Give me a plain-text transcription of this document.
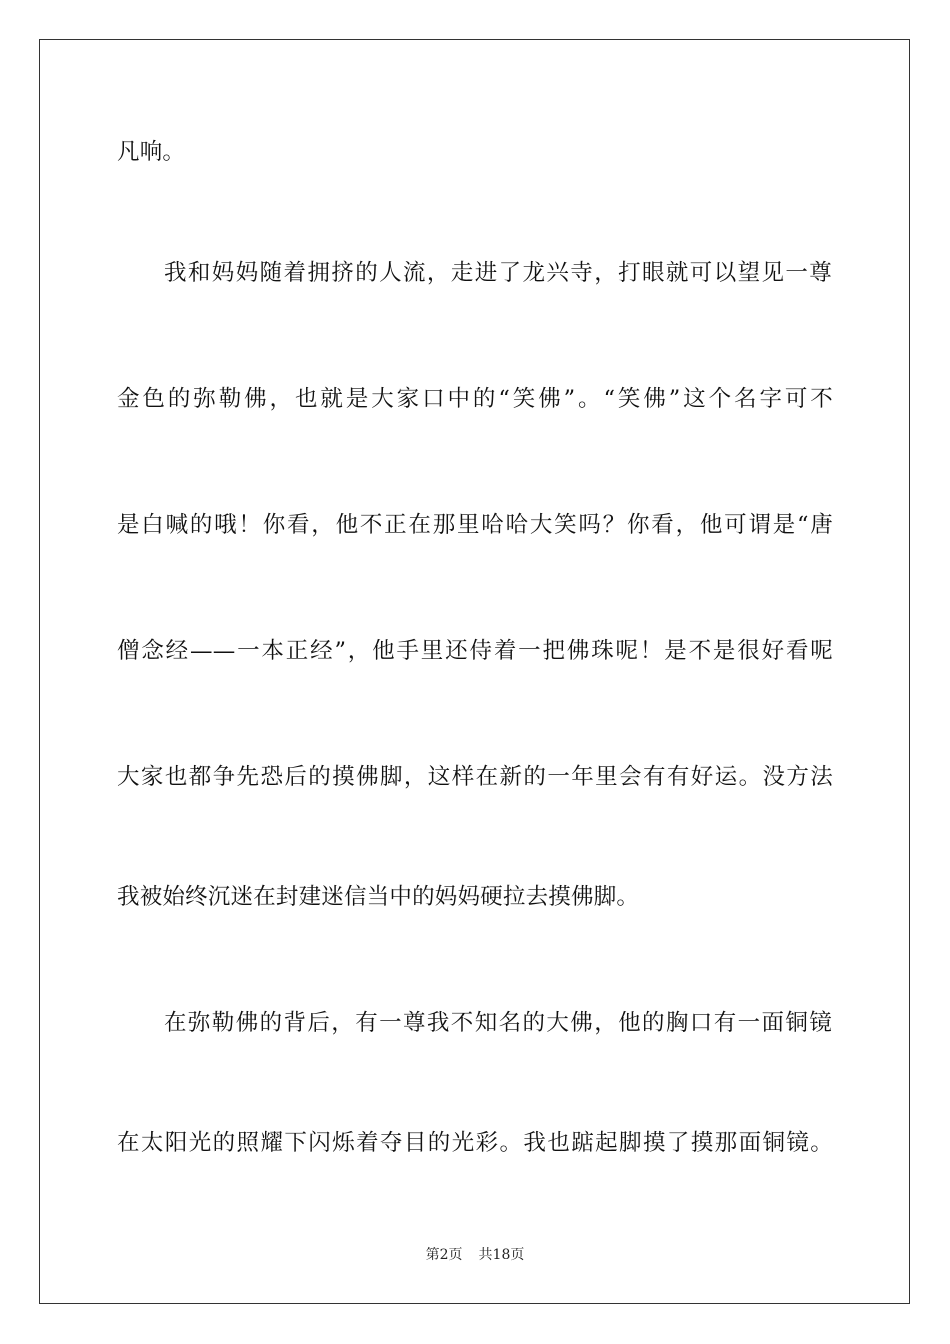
凡响。
我和妈妈随着拥挤的人流，走进了龙兴寺，打眼就可以望见一尊
金色的弥勒佛，也就是大家口中的“笑佛”。“笑佛”这个名字可不
是白喊的哦！你看，他不正在那里哈哈大笑吗？你看，他可谓是“唐
僧念经——一本正经”，他手里还侍着一把佛珠呢！是不是很好看呢
大家也都争先恐后的摸佛脚，这样在新的一年里会有有好运。没方法
我被始终沉迷在封建迷信当中的妈妈硬拉去摸佛脚。
在弥勒佛的背后，有一尊我不知名的大佛，他的胸口有一面铜镜
在太阳光的照耀下闪烁着夺目的光彩。我也踮起脚摸了摸那面铜镜。
第2页 共18页
